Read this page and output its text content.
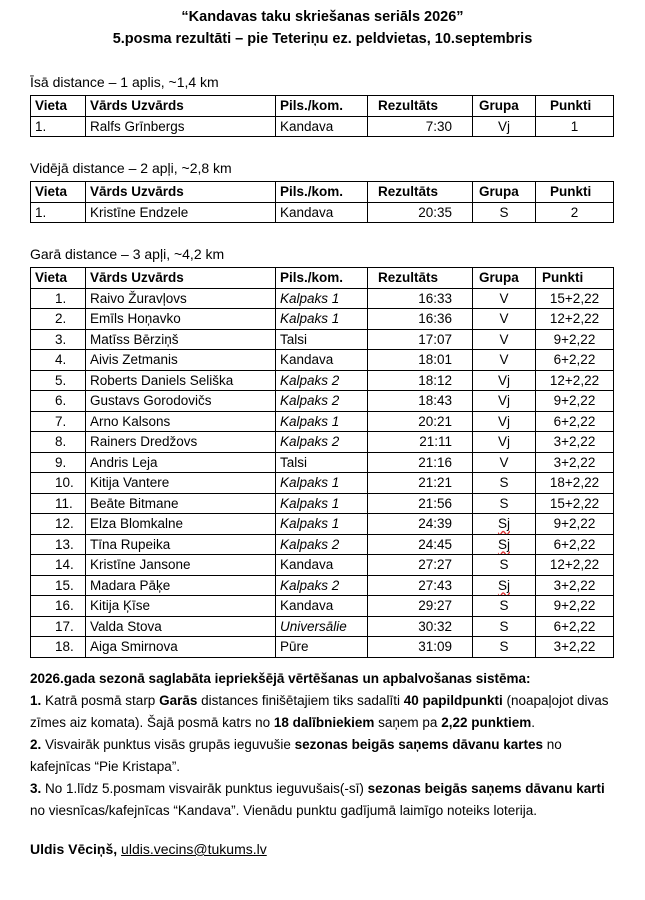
“Kandavas taku skriešanas seriāls 2026”
5.posma rezultāti – pie Teteriņu ez. peldvietas, 10.septembris
Īsā distance – 1 aplis, ~1,4 km
Vieta	Vārds Uzvārds	Pils./kom.	Rezultāts	Grupa	Punkti
1.	Ralfs Grīnbergs	Kandava	7:30	Vj	1
Vidējā distance – 2 apļi, ~2,8 km
Vieta	Vārds Uzvārds	Pils./kom.	Rezultāts	Grupa	Punkti
1.	Kristīne Endzele	Kandava	20:35	S	2
Garā distance – 3 apļi, ~4,2 km
Vieta	Vārds Uzvārds	Pils./kom.	Rezultāts	Grupa	Punkti
1.	Raivo Žuravļovs	Kalpaks 1	16:33	V	15+2,22
2.	Emīls Hoņavko	Kalpaks 1	16:36	V	12+2,22
3.	Matīss Bērziņš	Talsi	17:07	V	9+2,22
4.	Aivis Zetmanis	Kandava	18:01	V	6+2,22
5.	Roberts Daniels Seliška	Kalpaks 2	18:12	Vj	12+2,22
6.	Gustavs Gorodovičs	Kalpaks 2	18:43	Vj	9+2,22
7.	Arno Kalsons	Kalpaks 1	20:21	Vj	6+2,22
8.	Rainers Dredžovs	Kalpaks 2	21:11	Vj	3+2,22
9.	Andris Leja	Talsi	21:16	V	3+2,22
10.	Kitija Vantere	Kalpaks 1	21:21	S	18+2,22
11.	Beāte Bitmane	Kalpaks 1	21:56	S	15+2,22
12.	Elza Blomkalne	Kalpaks 1	24:39	Sj	9+2,22
13.	Tīna Rupeika	Kalpaks 2	24:45	Sj	6+2,22
14.	Kristīne Jansone	Kandava	27:27	S	12+2,22
15.	Madara Pāķe	Kalpaks 2	27:43	Sj	3+2,22
16.	Kitija Ķīse	Kandava	29:27	S	9+2,22
17.	Valda Stova	Universālie	30:32	S	6+2,22
18.	Aiga Smirnova	Pūre	31:09	S	3+2,22

2026.gada sezonā saglabāta iepriekšējā vērtēšanas un apbalvošanas sistēma:

1. Katrā posmā starp Garās distances finišētajiem tiks sadalīti 40 papildpunkti (noapaļojot divas zīmes aiz komata). Šajā posmā katrs no 18 dalībniekiem saņem pa 2,22 punktiem.

2. Visvairāk punktus visās grupās ieguvušie sezonas beigās saņems dāvanu kartes no kafejnīcas “Pie Kristapa”.

3. No 1.līdz 5.posmam visvairāk punktus ieguvušais(-sī) sezonas beigās saņems dāvanu karti no viesnīcas/kafejnīcas “Kandava”. Vienādu punktu gadījumā laimīgo noteiks loterija.

Uldis Vēciņš, uldis.vecins@tukums.lv
